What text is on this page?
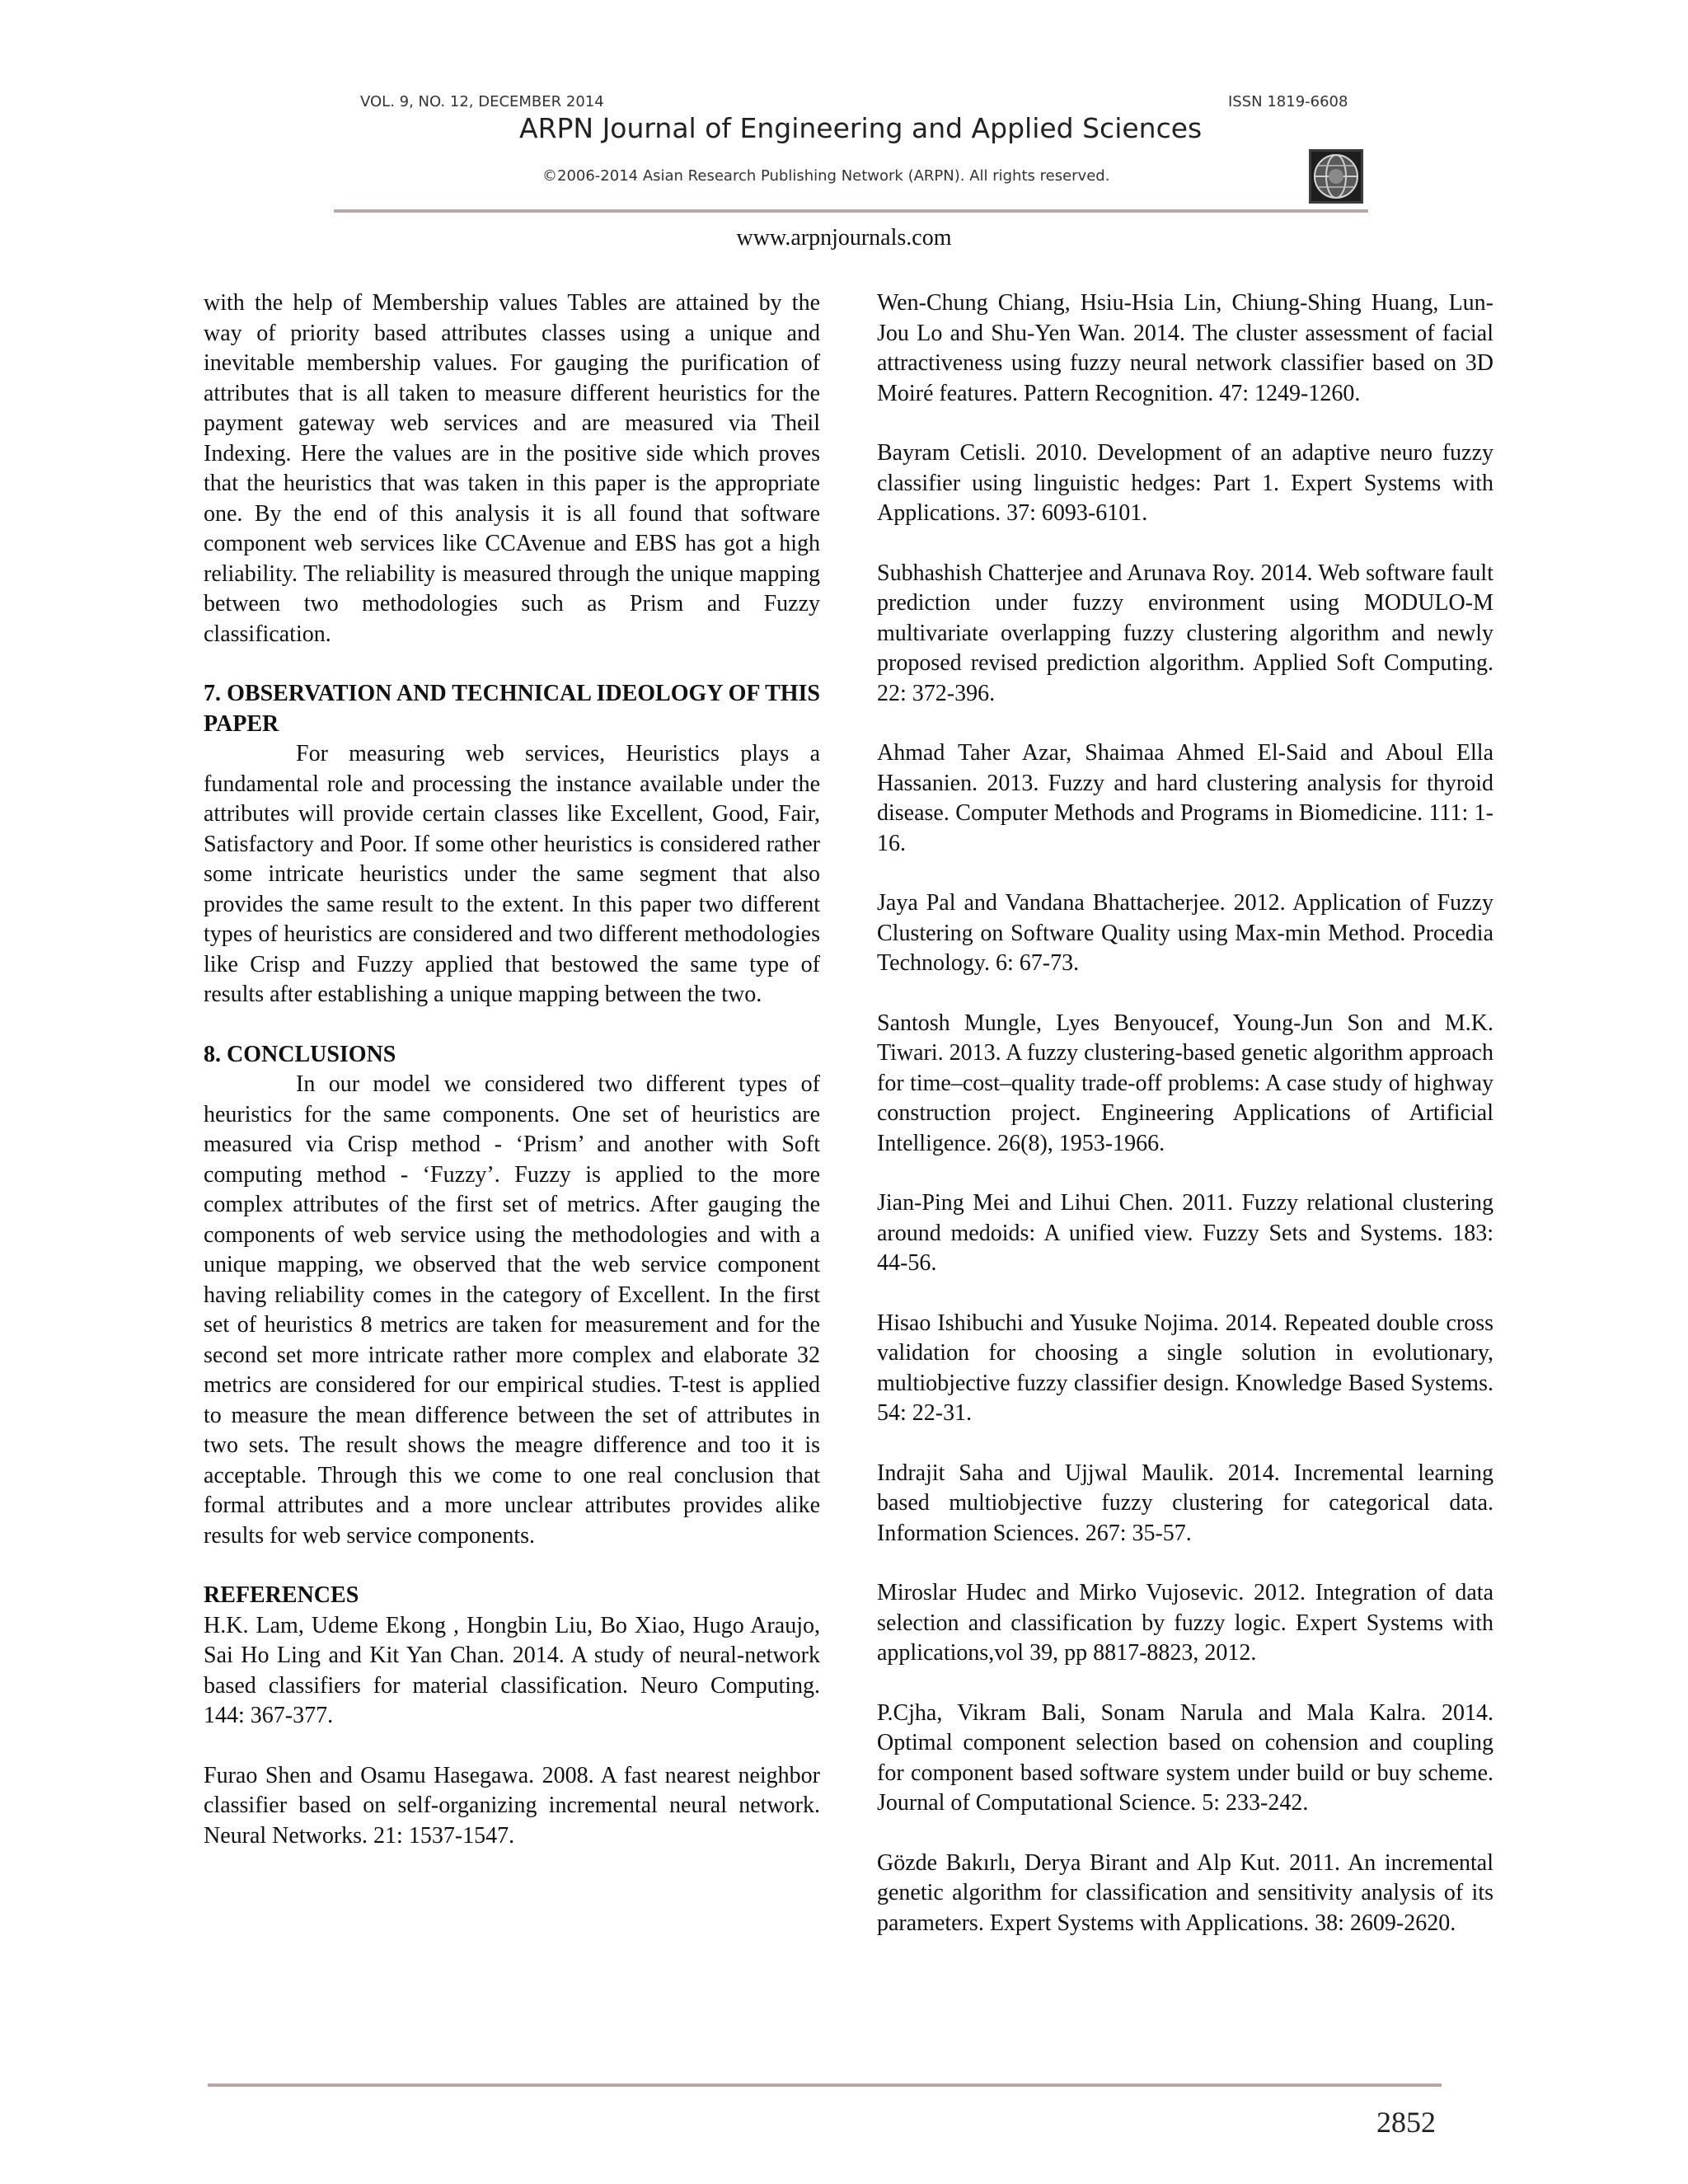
VOL. 9, NO. 12, DECEMBER 2014	ISSN 1819-6608
ARPN Journal of Engineering and Applied Sciences
©2006-2014 Asian Research Publishing Network (ARPN). All rights reserved.
www.arpnjournals.com

with the help of Membership values Tables are attained by the way of priority based attributes classes using a unique and inevitable membership values. For gauging the purification of attributes that is all taken to measure different heuristics for the payment gateway web services and are measured via Theil Indexing. Here the values are in the positive side which proves that the heuristics that was taken in this paper is the appropriate one. By the end of this analysis it is all found that software component web services like CCAvenue and EBS has got a high reliability. The reliability is measured through the unique mapping between two methodologies such as Prism and Fuzzy classification.

7. OBSERVATION AND TECHNICAL IDEOLOGY OF THIS PAPER

For measuring web services, Heuristics plays a fundamental role and processing the instance available under the attributes will provide certain classes like Excellent, Good, Fair, Satisfactory and Poor. If some other heuristics is considered rather some intricate heuristics under the same segment that also provides the same result to the extent. In this paper two different types of heuristics are considered and two different methodologies like Crisp and Fuzzy applied that bestowed the same type of results after establishing a unique mapping between the two.

8. CONCLUSIONS

In our model we considered two different types of heuristics for the same components. One set of heuristics are measured via Crisp method - ‘Prism’ and another with Soft computing method - ‘Fuzzy’. Fuzzy is applied to the more complex attributes of the first set of metrics. After gauging the components of web service using the methodologies and with a unique mapping, we observed that the web service component having reliability comes in the category of Excellent. In the first set of heuristics 8 metrics are taken for measurement and for the second set more intricate rather more complex and elaborate 32 metrics are considered for our empirical studies. T-test is applied to measure the mean difference between the set of attributes in two sets. The result shows the meagre difference and too it is acceptable. Through this we come to one real conclusion that formal attributes and a more unclear attributes provides alike results for web service components.

REFERENCES

H.K. Lam, Udeme Ekong , Hongbin Liu, Bo Xiao, Hugo Araujo, Sai Ho Ling and Kit Yan Chan. 2014. A study of neural-network based classifiers for material classification. Neuro Computing. 144: 367-377.

Furao Shen and Osamu Hasegawa. 2008. A fast nearest neighbor classifier based on self-organizing incremental neural network. Neural Networks. 21: 1537-1547.

Wen-Chung Chiang, Hsiu-Hsia Lin, Chiung-Shing Huang, Lun-Jou Lo and Shu-Yen Wan. 2014. The cluster assessment of facial attractiveness using fuzzy neural network classifier based on 3D Moiré features. Pattern Recognition. 47: 1249-1260.

Bayram Cetisli. 2010. Development of an adaptive neuro fuzzy classifier using linguistic hedges: Part 1. Expert Systems with Applications. 37: 6093-6101.

Subhashish Chatterjee and Arunava Roy. 2014. Web software fault prediction under fuzzy environment using MODULO-M multivariate overlapping fuzzy clustering algorithm and newly proposed revised prediction algorithm. Applied Soft Computing. 22: 372-396.

Ahmad Taher Azar, Shaimaa Ahmed El-Said and Aboul Ella Hassanien. 2013. Fuzzy and hard clustering analysis for thyroid disease. Computer Methods and Programs in Biomedicine. 111: 1-16.

Jaya Pal and Vandana Bhattacherjee. 2012. Application of Fuzzy Clustering on Software Quality using Max-min Method. Procedia Technology. 6: 67-73.

Santosh Mungle, Lyes Benyoucef, Young-Jun Son and M.K. Tiwari. 2013. A fuzzy clustering-based genetic algorithm approach for time–cost–quality trade-off problems: A case study of highway construction project. Engineering Applications of Artificial Intelligence. 26(8), 1953-1966.

Jian-Ping Mei and Lihui Chen. 2011. Fuzzy relational clustering around medoids: A unified view. Fuzzy Sets and Systems. 183: 44-56.

Hisao Ishibuchi and Yusuke Nojima. 2014. Repeated double cross validation for choosing a single solution in evolutionary, multiobjective fuzzy classifier design. Knowledge Based Systems. 54: 22-31.

Indrajit Saha and Ujjwal Maulik. 2014. Incremental learning based multiobjective fuzzy clustering for categorical data. Information Sciences. 267: 35-57.

Miroslar Hudec and Mirko Vujosevic. 2012. Integration of data selection and classification by fuzzy logic. Expert Systems with applications,vol 39, pp 8817-8823, 2012.

P.Cjha, Vikram Bali, Sonam Narula and Mala Kalra. 2014. Optimal component selection based on cohension and coupling for component based software system under build or buy scheme. Journal of Computational Science. 5: 233-242.

Gözde Bakırlı, Derya Birant and Alp Kut. 2011. An incremental genetic algorithm for classification and sensitivity analysis of its parameters. Expert Systems with Applications. 38: 2609-2620.

2852
